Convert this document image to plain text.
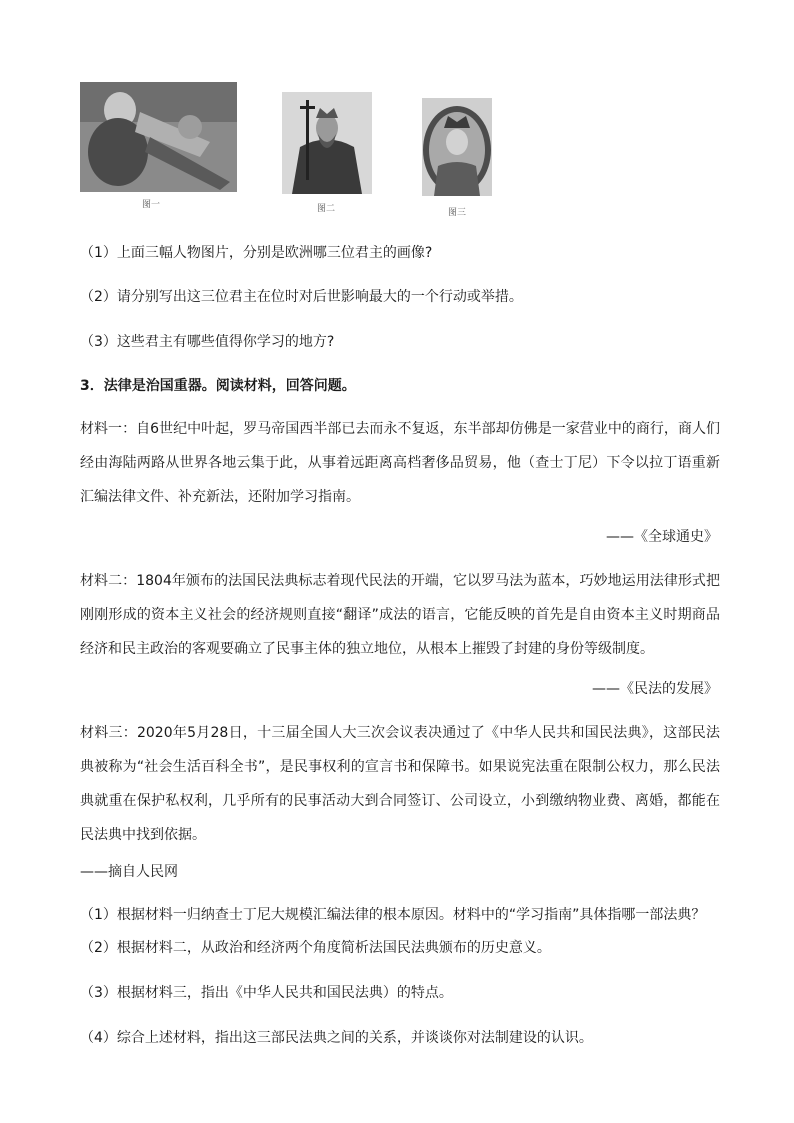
图一	图二	图三
（1）上面三幅人物图片，分别是欧洲哪三位君主的画像?
（2）请分别写出这三位君主在位时对后世影响最大的一个行动或举措。
（3）这些君主有哪些值得你学习的地方?
3．法律是治国重器。阅读材料，回答问题。
材料一：自6世纪中叶起，罗马帝国西半部已去而永不复返，东半部却仿佛是一家营业中的商行，商人们经由海陆两路从世界各地云集于此，从事着远距离高档奢侈品贸易，他（查士丁尼）下令以拉丁语重新汇编法律文件、补充新法，还附加学习指南。
——《全球通史》
材料二：1804年颁布的法国民法典标志着现代民法的开端，它以罗马法为蓝本，巧妙地运用法律形式把刚刚形成的资本主义社会的经济规则直接“翻译”成法的语言，它能反映的首先是自由资本主义时期商品经济和民主政治的客观要确立了民事主体的独立地位，从根本上摧毁了封建的身份等级制度。
——《民法的发展》
材料三：2020年5月28日，十三届全国人大三次会议表决通过了《中华人民共和国民法典》，这部民法典被称为“社会生活百科全书”，是民事权利的宣言书和保障书。如果说宪法重在限制公权力，那么民法典就重在保护私权利，几乎所有的民事活动大到合同签订、公司设立，小到缴纳物业费、离婚，都能在民法典中找到依据。
——摘自人民网
（1）根据材料一归纳查士丁尼大规模汇编法律的根本原因。材料中的“学习指南”具体指哪一部法典？
（2）根据材料二，从政治和经济两个角度简析法国民法典颁布的历史意义。
（3）根据材料三，指出《中华人民共和国民法典）的特点。
（4）综合上述材料，指出这三部民法典之间的关系，并谈谈你对法制建设的认识。
